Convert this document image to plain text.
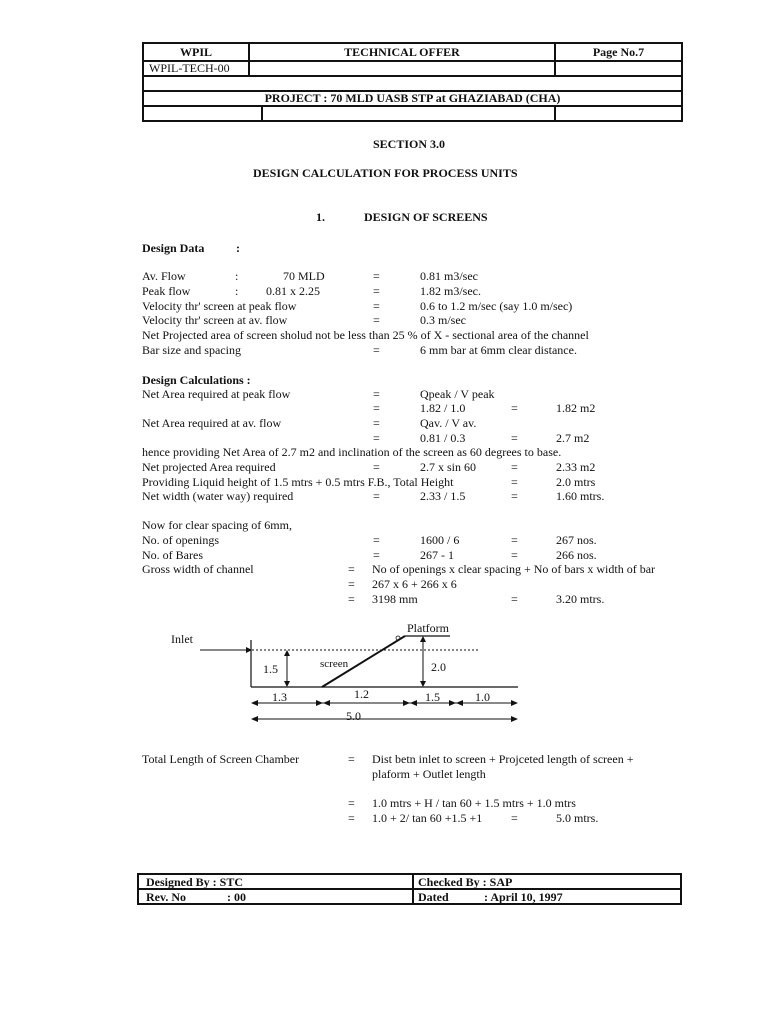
WPIL	TECHNICAL OFFER	Page No.7
WPIL-TECH-00
PROJECT : 70 MLD UASB STP at GHAZIABAD (CHA)
SECTION 3.0
DESIGN CALCULATION FOR PROCESS UNITS
1.	DESIGN OF SCREENS
Design Data	:
Av. Flow	:	70 MLD	=	0.81 m3/sec
Peak flow	: 0.81 x 2.25	=	1.82 m3/sec.
Velocity thr' screen at peak flow	=	0.6 to 1.2 m/sec (say 1.0 m/sec)
Velocity thr' screen at av. flow	=	0.3 m/sec
Net Projected area of screen sholud not be less than 25 % of X - sectional area of the channel
Bar size and spacing	=	6 mm bar at 6mm clear distance.
Design Calculations :
Net Area required at peak flow	=	Qpeak / V peak
=	1.82 / 1.0	=	1.82 m2
Net Area required at av. flow	=	Qav. / V av.
=	0.81 / 0.3	=	2.7 m2
hence providing Net Area of 2.7 m2 and inclination of the screen as 60 degrees to base.
Net projected Area required	=	2.7 x sin 60	=	2.33 m2
Providing Liquid height of 1.5 mtrs + 0.5 mtrs F.B., Total Height	=	2.0 mtrs
Net width (water way) required	=	2.33 / 1.5	=	1.60 mtrs.
Now for clear spacing of 6mm,
No. of openings	=	1600 / 6	=	267 nos.
No. of Bares	=	267 - 1	=	266 nos.
Gross width of channel	= No of openings x clear spacing + No of bars x width of bar
= 267 x 6 + 266 x 6
= 3198 mm	=	3.20 mtrs.
Inlet
Platform
screen
1.5	2.0
1.3	1.2	1.5	1.0
5.0
Total Length of Screen Chamber	= Dist betn inlet to screen + Projceted length of screen +
plaform + Outlet length
= 1.0 mtrs + H / tan 60 + 1.5 mtrs + 1.0 mtrs
= 1.0 + 2/ tan 60 +1.5 +1 =	5.0 mtrs.
Designed By : STC	Checked By : SAP
Rev. No	: 00	Dated	: April 10, 1997
